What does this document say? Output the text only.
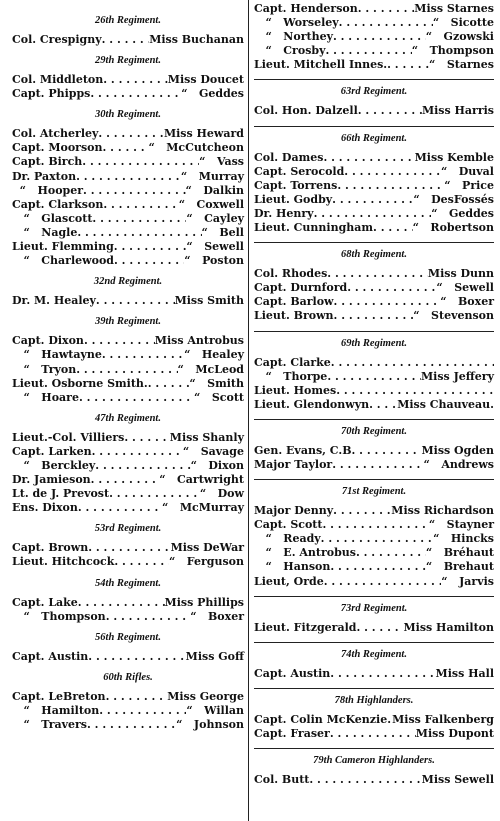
26th Regiment.
Col. Crespigny . . .	Miss Buchanan
29th Regiment.
Col. Middleton . . .	Miss Doucet
Capt. Phipps . . .	“   Geddes
30th Regiment.
Col. Atcherley . . .	Miss Heward
Capt. Moorson . . .	“   McCutcheon
Capt. Birch . . .	“   Vass
Dr. Paxton . . .	“   Murray
“   Hooper . . .	“   Dalkin
Capt. Clarkson . . .	“   Coxwell
“   Glascott . . .	“   Cayley
“   Nagle . . .	“   Bell
Lieut. Flemming . . .	“   Sewell
“   Charlewood . . .	“   Poston
32nd Regiment.
Dr. M. Healey . . .	Miss Smith
39th Regiment.
Capt. Dixon . . .	Miss Antrobus
“   Hawtayne . . .	“   Healey
“   Tryon . . .	“   McLeod
Lieut. Osborne Smith. . . .	“   Smith
“   Hoare . . .	“   Scott
47th Regiment.
Lieut.-Col. Villiers . . .	Miss Shanly
Capt. Larken . . .	“   Savage
“   Berckley . . .	“   Dixon
Dr. Jamieson . . .	“   Cartwright
Lt. de J. Prevost . . .	“   Dow
Ens. Dixon . . .	“   McMurray
53rd Regiment.
Capt. Brown . . .	Miss DeWar
Lieut. Hitchcock . . .	“   Ferguson
54th Regiment.
Capt. Lake . . .	Miss Phillips
“   Thompson . . .	“   Boxer
56th Regiment.
Capt. Austin . . .	Miss Goff
60th Rifles.
Capt. LeBreton . . .	Miss George
“   Hamilton . . .	“   Willan
“   Travers . . .	“   Johnson
Capt. Henderson . . .	Miss Starnes
“   Worseley . . .	“   Sicotte
“   Northey . . .	“   Gzowski
“   Crosby . . .	“   Thompson
Lieut. Mitchell Innes. . . .	“   Starnes
63rd Regiment.
Col. Hon. Dalzell . . .	Miss Harris
66th Regiment.
Col. Dames . . .	Miss Kemble
Capt. Serocold . . .	“   Duval
Capt. Torrens . . .	“   Price
Lieut. Godby . . .	“   DesFossés
Dr. Henry . . .	“   Geddes
Lieut. Cunningham . . .	“   Robertson
68th Regiment.
Col. Rhodes . . .	Miss Dunn
Capt. Durnford . . .	“   Sewell
Capt. Barlow . . .	“   Boxer
Lieut. Brown . . .	“   Stevenson
69th Regiment.
Capt. Clarke
. . .
“   Thorpe . . .	Miss Jeffery
Lieut. Homes
. . .
Lieut. Glendonwyn . . .	Miss Chauveau.
70th Regiment.
Gen. Evans, C.B . . .	Miss Ogden
Major Taylor . . .	“   Andrews
71st Regiment.
Major Denny . . .	Miss Richardson
Capt. Scott . . .	“   Stayner
“   Ready . . .	“   Hincks
“   E. Antrobus . . .	“   Bréhaut
“   Hanson . . .	“   Brehaut
Lieut, Orde . . .	“   Jarvis
73rd Regiment.
Lieut. Fitzgerald . . .	Miss Hamilton
74th Regiment.
Capt. Austin . . .	Miss Hall
78th Highlanders.
Capt. Colin McKenzie . . . Miss Falkenberg
Capt. Fraser . . .	Miss Dupont
79th Cameron Highlanders.
Col. Butt . . .	Miss Sewell
